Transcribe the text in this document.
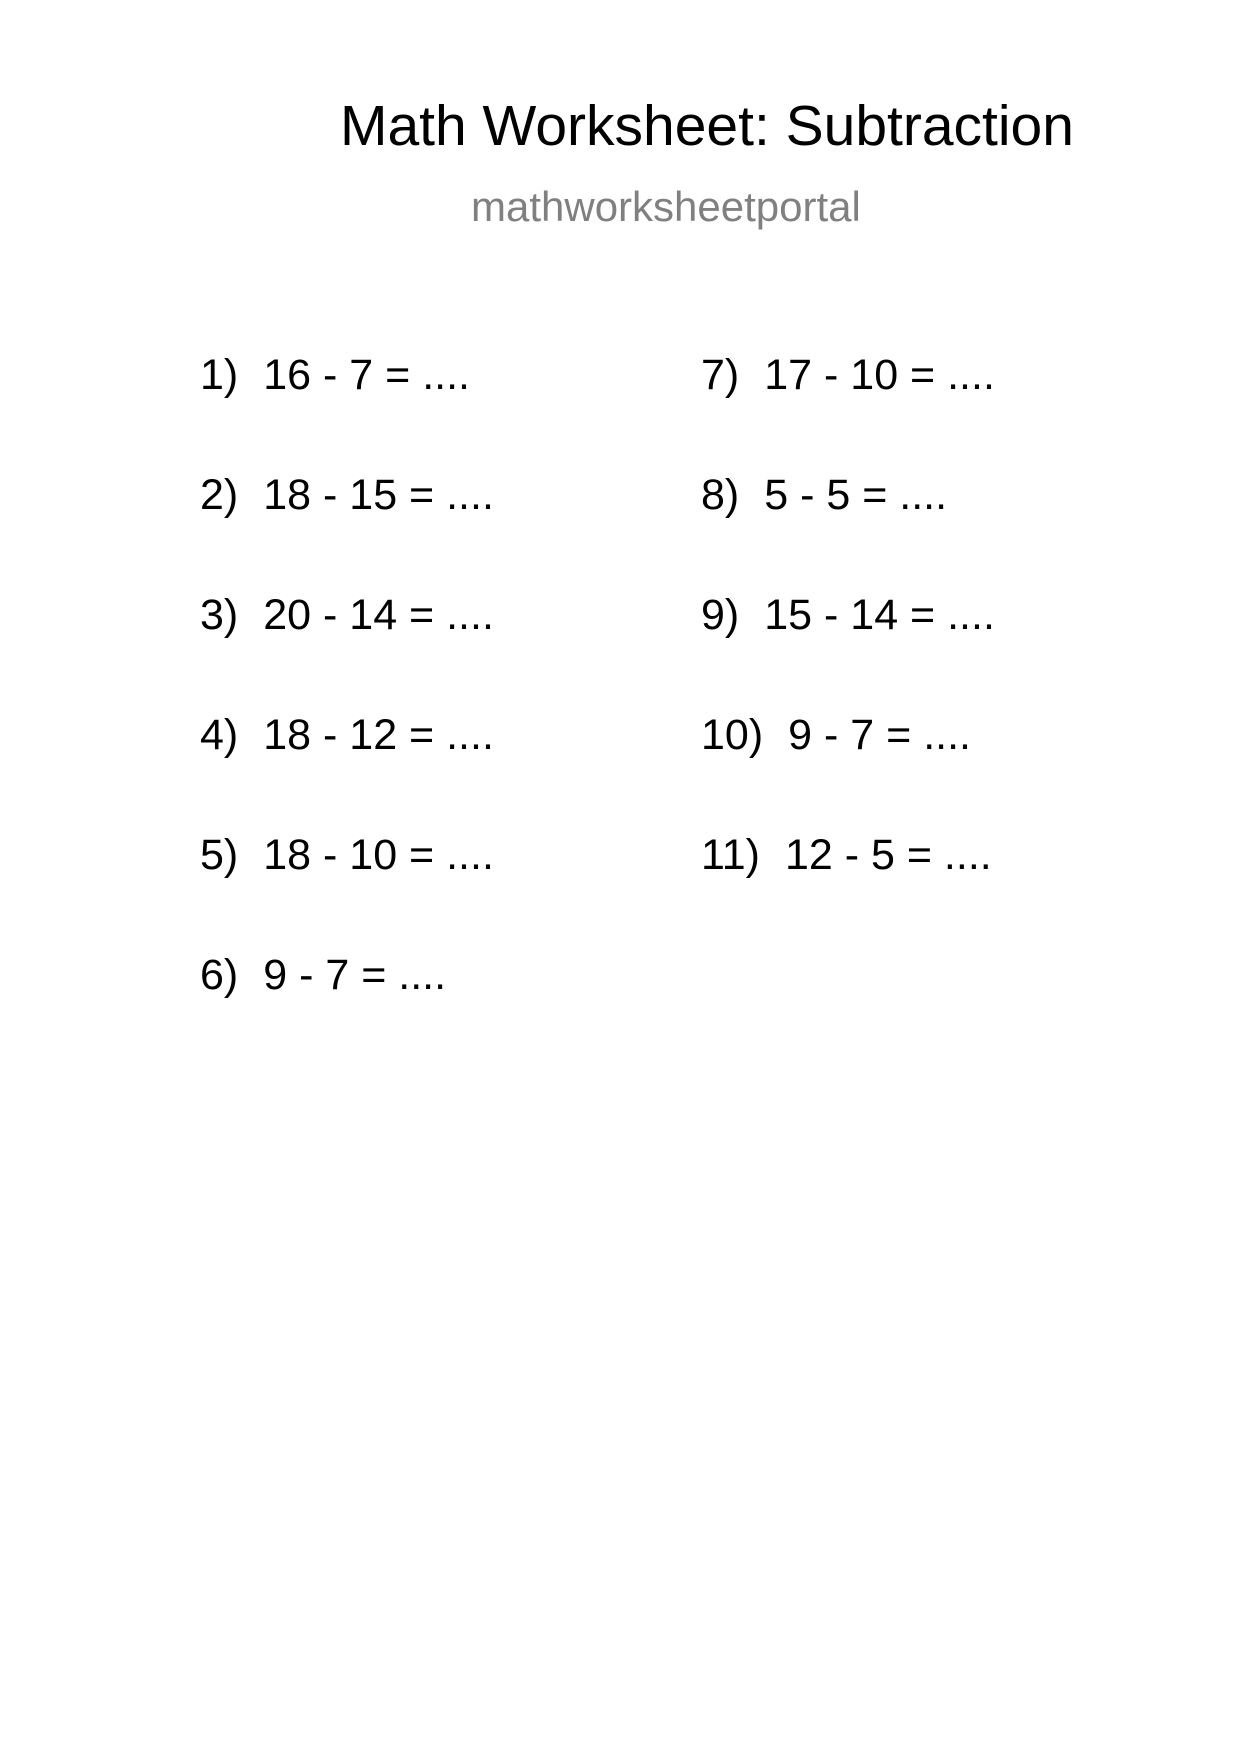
Math Worksheet: Subtraction
mathworksheetportal
1) 16 - 7 = ....
2) 18 - 15 = ....
3) 20 - 14 = ....
4) 18 - 12 = ....
5) 18 - 10 = ....
6) 9 - 7 = ....
7) 17 - 10 = ....
8) 5 - 5 = ....
9) 15 - 14 = ....
10) 9 - 7 = ....
11) 12 - 5 = ....
